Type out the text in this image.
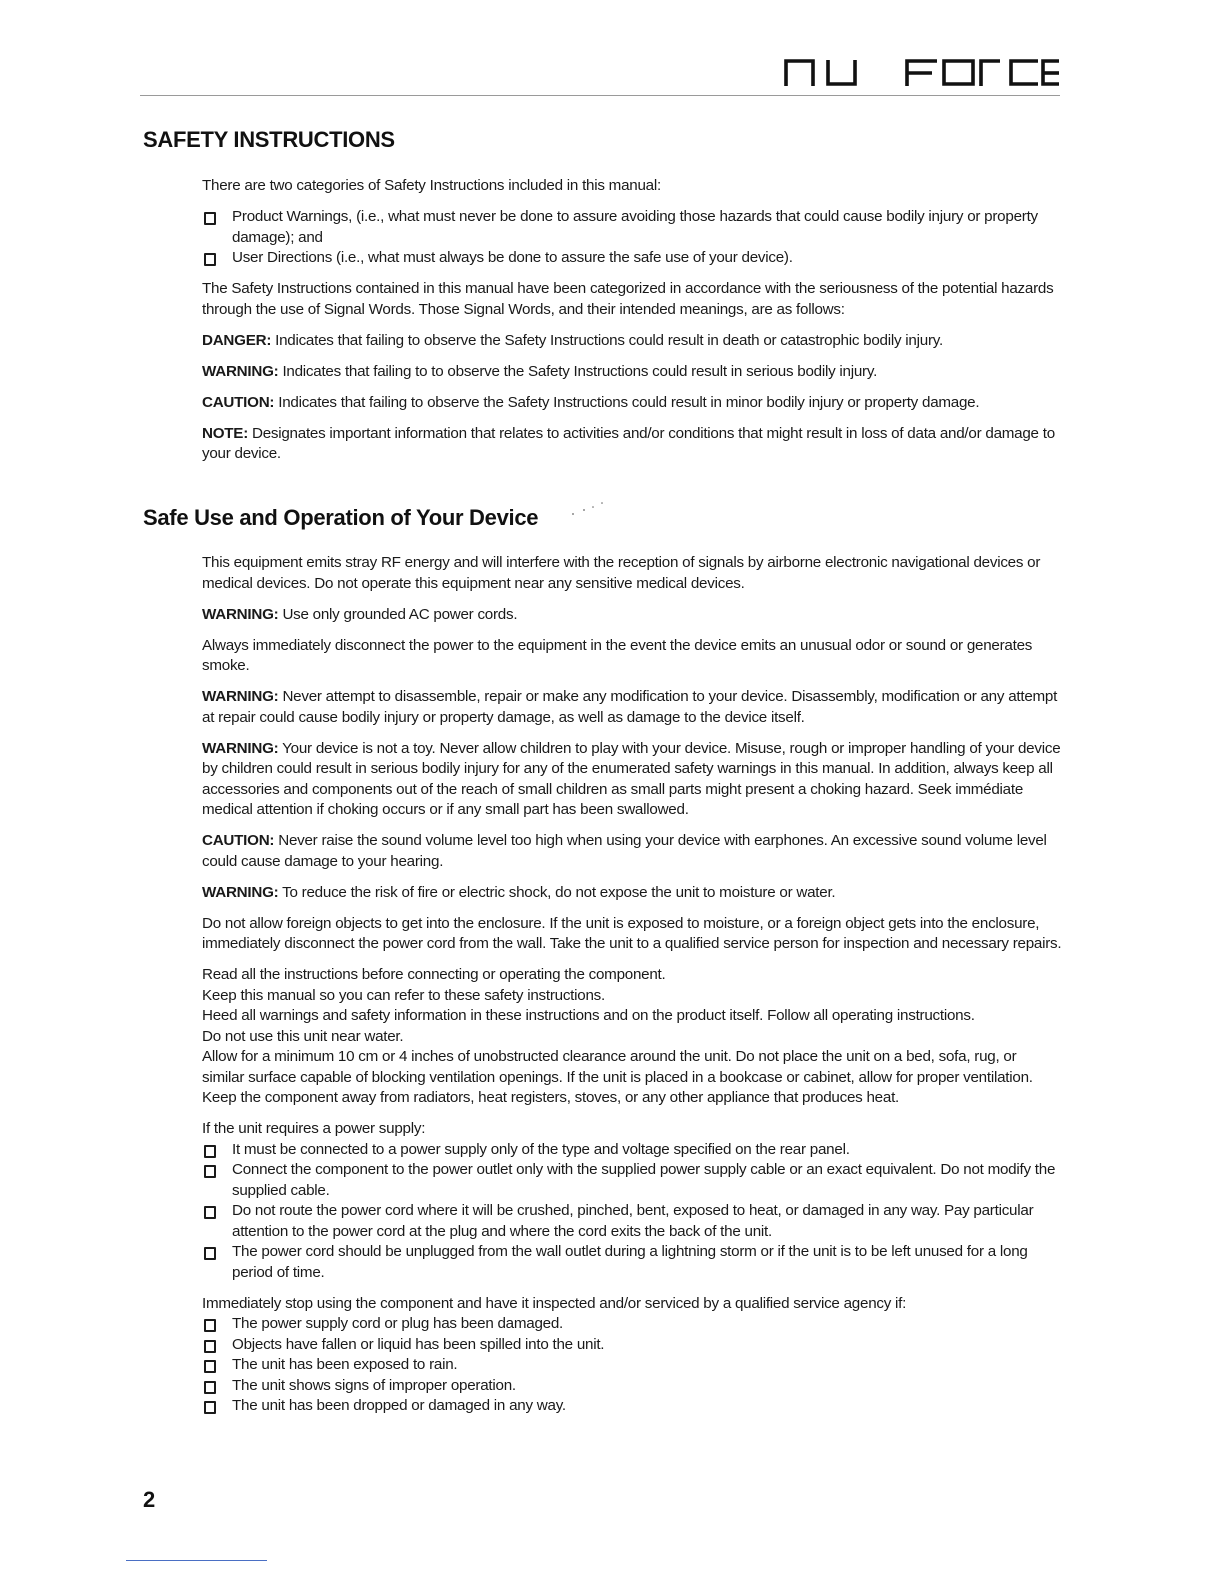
SAFETY INSTRUCTIONS

There are two categories of Safety Instructions included in this manual:

Product Warnings, (i.e., what must never be done to assure avoiding those hazards that could cause bodily injury or property damage); and
User Directions (i.e., what must always be done to assure the safe use of your device).

The Safety Instructions contained in this manual have been categorized in accordance with the seriousness of the potential hazards through the use of Signal Words. Those Signal Words, and their intended meanings, are as follows:

DANGER: Indicates that failing to observe the Safety Instructions could result in death or catastrophic bodily injury.

WARNING: Indicates that failing to to observe the Safety Instructions could result in serious bodily injury.

CAUTION: Indicates that failing to observe the Safety Instructions could result in minor bodily injury or property damage.

NOTE: Designates important information that relates to activities and/or conditions that might result in loss of data and/or damage to your device.

Safe Use and Operation of Your Device

This equipment emits stray RF energy and will interfere with the reception of signals by airborne electronic navigational devices or medical devices. Do not operate this equipment near any sensitive medical devices.

WARNING: Use only grounded AC power cords.

Always immediately disconnect the power to the equipment in the event the device emits an unusual odor or sound or generates smoke.

WARNING: Never attempt to disassemble, repair or make any modification to your device. Disassembly, modification or any attempt at repair could cause bodily injury or property damage, as well as damage to the device itself.

WARNING: Your device is not a toy. Never allow children to play with your device. Misuse, rough or improper handling of your device by children could result in serious bodily injury for any of the enumerated safety warnings in this manual. In addition, always keep all accessories and components out of the reach of small children as small parts might present a choking hazard. Seek immédiate medical attention if choking occurs or if any small part has been swallowed.

CAUTION: Never raise the sound volume level too high when using your device with earphones. An excessive sound volume level could cause damage to your hearing.

WARNING: To reduce the risk of fire or electric shock, do not expose the unit to moisture or water.

Do not allow foreign objects to get into the enclosure. If the unit is exposed to moisture, or a foreign object gets into the enclosure, immediately disconnect the power cord from the wall. Take the unit to a qualified service person for inspection and necessary repairs.

Read all the instructions before connecting or operating the component.

Keep this manual so you can refer to these safety instructions.

Heed all warnings and safety information in these instructions and on the product itself. Follow all operating instructions.

Do not use this unit near water.

Allow for a minimum 10 cm or 4 inches of unobstructed clearance around the unit. Do not place the unit on a bed, sofa, rug, or similar surface capable of blocking ventilation openings. If the unit is placed in a bookcase or cabinet, allow for proper ventilation. Keep the component away from radiators, heat registers, stoves, or any other appliance that produces heat.

If the unit requires a power supply:

It must be connected to a power supply only of the type and voltage specified on the rear panel.
Connect the component to the power outlet only with the supplied power supply cable or an exact equivalent. Do not modify the supplied cable.
Do not route the power cord where it will be crushed, pinched, bent, exposed to heat, or damaged in any way. Pay particular attention to the power cord at the plug and where the cord exits the back of the unit.
The power cord should be unplugged from the wall outlet during a lightning storm or if the unit is to be left unused for a long period of time.

Immediately stop using the component and have it inspected and/or serviced by a qualified service agency if:

The power supply cord or plug has been damaged.
Objects have fallen or liquid has been spilled into the unit.
The unit has been exposed to rain.
The unit shows signs of improper operation.
The unit has been dropped or damaged in any way.
2
